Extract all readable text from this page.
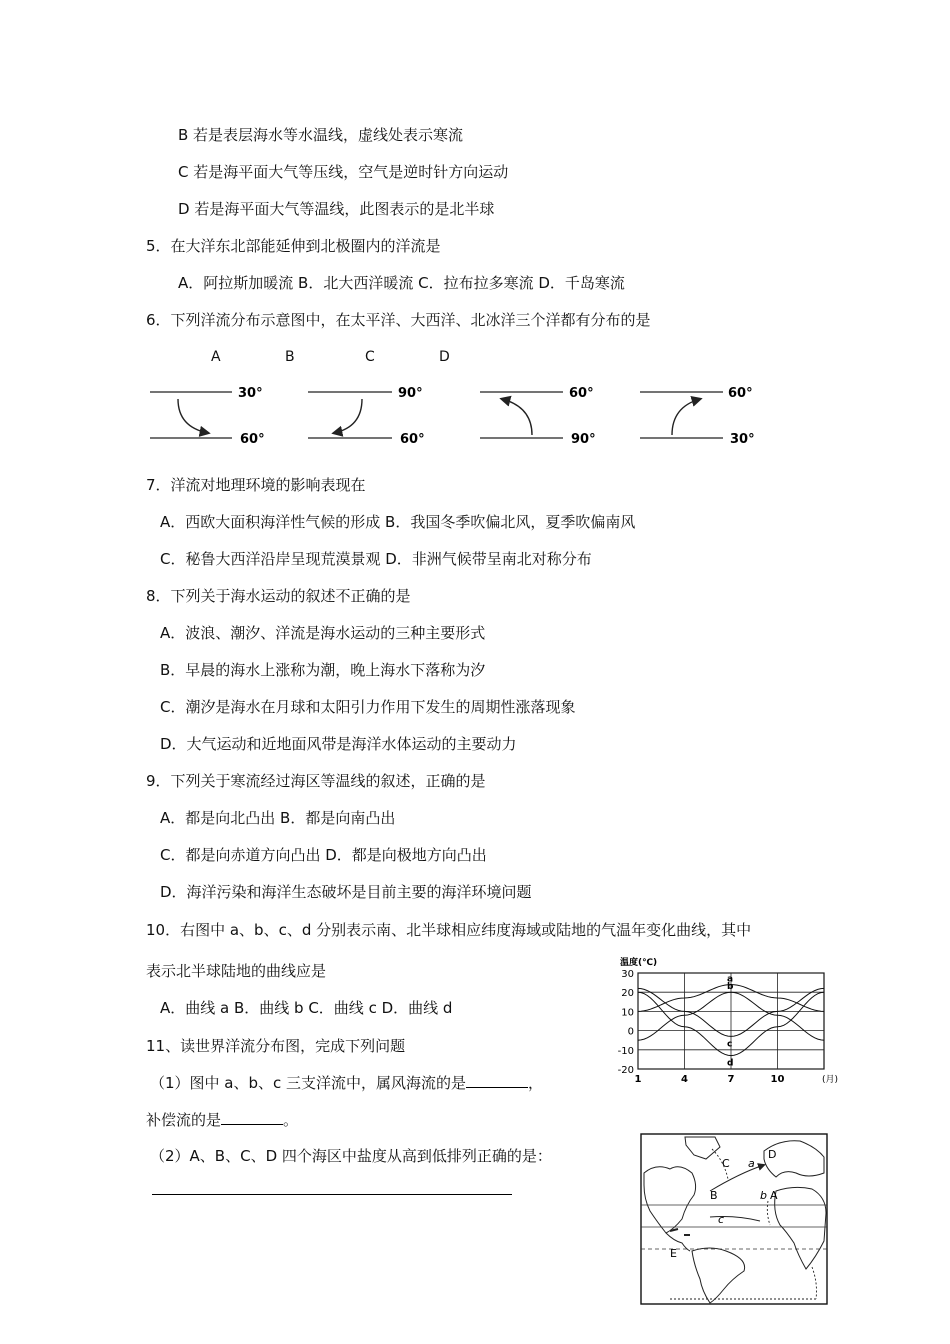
B 若是表层海水等水温线，虚线处表示寒流
C 若是海平面大气等压线，空气是逆时针方向运动
D 若是海平面大气等温线，此图表示的是北半球
5．在大洋东北部能延伸到北极圈内的洋流是
A．阿拉斯加暖流 B．北大西洋暖流 C．拉布拉多寒流 D．千岛寒流
6．下列洋流分布示意图中，在太平洋、大西洋、北冰洋三个洋都有分布的是
A	B	C	D
30°
60°
90°
60°
60°
90°
60°
30°
7．洋流对地理环境的影响表现在
A．西欧大面积海洋性气候的形成 B．我国冬季吹偏北风，夏季吹偏南风
C．秘鲁大西洋沿岸呈现荒漠景观 D．非洲气候带呈南北对称分布
8．下列关于海水运动的叙述不正确的是
A．波浪、潮汐、洋流是海水运动的三种主要形式
B．早晨的海水上涨称为潮，晚上海水下落称为汐
C．潮汐是海水在月球和太阳引力作用下发生的周期性涨落现象
D．大气运动和近地面风带是海洋水体运动的主要动力
9．下列关于寒流经过海区等温线的叙述，正确的是
A．都是向北凸出 B．都是向南凸出
C．都是向赤道方向凸出 D．都是向极地方向凸出
D．海洋污染和海洋生态破坏是目前主要的海洋环境问题
10．右图中 a、b、c、d 分别表示南、北半球相应纬度海域或陆地的气温年变化曲线，其中
表示北半球陆地的曲线应是
A．曲线 a B．曲线 b C．曲线 c D．曲线 d
30
20
10
0
-10
-20
1	4	7	10	(月)
温度(℃)
a
b
c
d
11、读世界洋流分布图，完成下列问题
（1）图中 a、b、c 三支洋流中，属风海流的是	，
补偿流的是	。
（2）A、B、C、D 四个海区中盐度从高到低排列正确的是：	C a
D
B	b A
c
E
